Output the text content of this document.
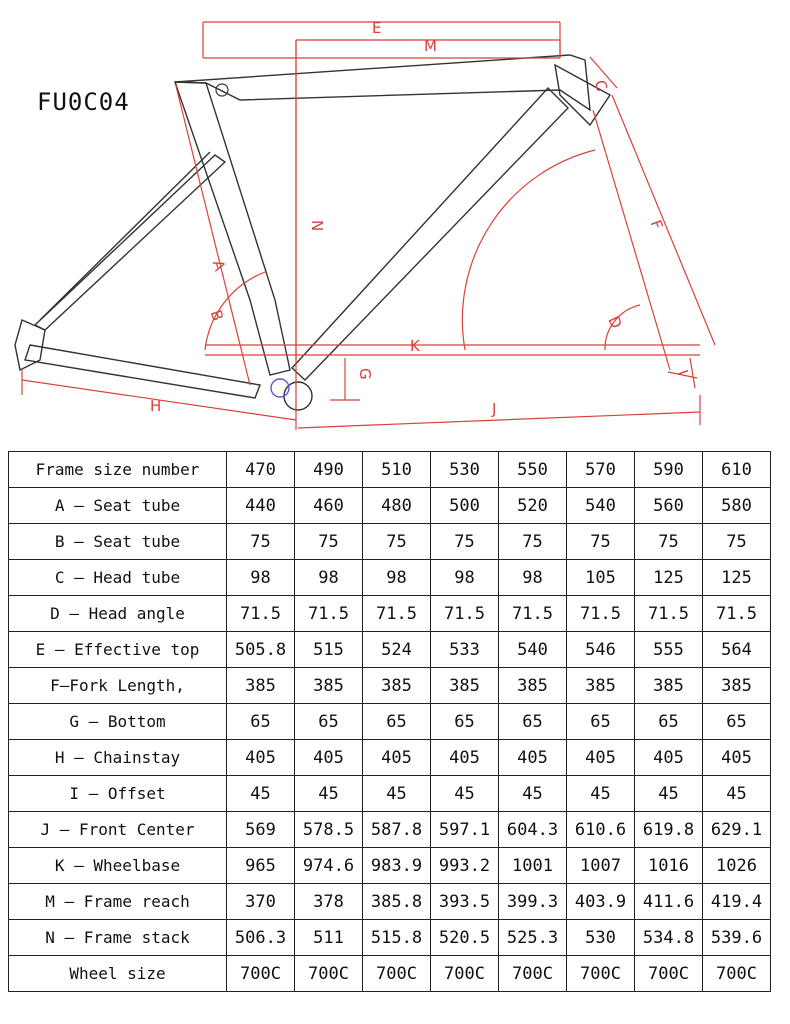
E
M
C
N
A
B
F
D
K
G
H	J
I
FU0C04
Frame size number	470	490	510	530	550	570	590	610
A — Seat tube	440	460	480	500	520	540	560	580
B — Seat tube	75	75	75	75	75	75	75	75
C — Head tube	98	98	98	98	98	105	125	125
D — Head angle	71.5	71.5	71.5	71.5	71.5	71.5	71.5	71.5
E — Effective top	505.8	515	524	533	540	546	555	564
F—Fork Length,	385	385	385	385	385	385	385	385
G — Bottom	65	65	65	65	65	65	65	65
H — Chainstay	405	405	405	405	405	405	405	405
I — Offset	45	45	45	45	45	45	45	45
J — Front Center	569	578.5	587.8	597.1	604.3	610.6	619.8	629.1
K — Wheelbase	965	974.6	983.9	993.2	1001	1007	1016	1026
M — Frame reach	370	378	385.8	393.5	399.3	403.9	411.6	419.4
N — Frame stack	506.3	511	515.8	520.5	525.3	530	534.8	539.6
Wheel size	700C	700C	700C	700C	700C	700C	700C	700C
